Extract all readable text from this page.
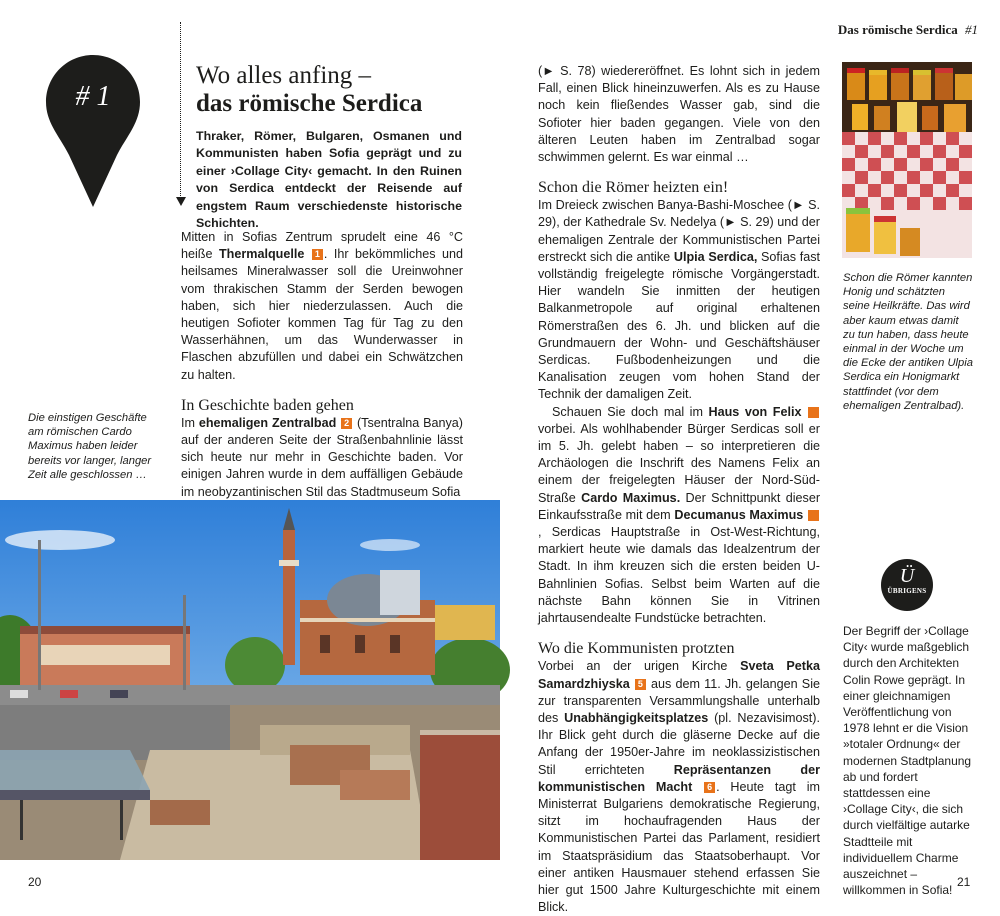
Das römische Serdica #1
# 1
Wo alles anfing –
das römische Serdica
Thraker, Römer, Bulgaren, Osmanen und Kommunisten haben Sofia geprägt und zu einer ›Collage City‹ gemacht. In den Ruinen von Serdica entdeckt der Reisende auf engstem Raum verschiedenste historische Schichten.
Mitten in Sofias Zentrum sprudelt eine 46 °C heiße Thermalquelle 1 . Ihr bekömmliches und heilsames Mineralwasser soll die Ureinwohner vom thrakischen Stamm der Serden bewogen haben, sich hier niederzulassen. Auch die heutigen Sofioter kommen Tag für Tag zu den Wasserhähnen, um das Wunderwasser in Flaschen abzufüllen und dabei ein Schwätzchen zu halten.
In Geschichte baden gehen
Im ehemaligen Zentralbad 2 (Tsentralna Banya) auf der anderen Seite der Straßenbahnlinie lässt sich heute nur mehr in Geschichte baden. Vor einigen Jahren wurde in dem auffälligen Gebäude im neobyzantinischen Stil das Stadtmuseum Sofia
Die einstigen Geschäfte am römischen Cardo Maximus haben leider bereits vor langer, langer Zeit alle geschlossen …
(► S. 78) wiedereröffnet. Es lohnt sich in jedem Fall, einen Blick hineinzuwerfen. Als es zu Hause noch kein fließendes Wasser gab, sind die Sofioter hier baden gegangen. Viele von den älteren Leuten haben im Zentralbad sogar schwimmen gelernt. Es war einmal …
Schon die Römer heizten ein!
Im Dreieck zwischen Banya-Bashi-Moschee (► S. 29), der Kathedrale Sv. Nedelya (► S. 29) und der ehemaligen Zentrale der Kommunistischen Partei erstreckt sich die antike Ulpia Serdica, Sofias fast vollständig freigelegte römische Vorgängerstadt. Hier wandeln Sie inmitten der heutigen Balkanmetropole auf original erhaltenen Römerstraßen des 6. Jh. und blicken auf die Grundmauern der Wohn- und Geschäftshäuser Serdicas. Fußbodenheizungen und die Kanalisation zeugen vom hohen Stand der Technik der damaligen Zeit.
Schauen Sie doch mal im Haus von Felix 3 vorbei. Als wohlhabender Bürger Serdicas soll er im 5. Jh. gelebt haben – so interpretieren die Archäologen die Inschrift des Namens Felix an einem der freigelegten Häuser der Nord-Süd-Straße Cardo Maximus. Der Schnittpunkt dieser Einkaufsstraße mit dem Decumanus Maximus 4, Serdicas Hauptstraße in Ost-West-Richtung, markiert heute wie damals das Idealzentrum der Stadt. In ihm kreuzen sich die ersten beiden U-Bahnlinien Sofias. Selbst beim Warten auf die nächste Bahn können Sie in Vitrinen jahrtausendealte Fundstücke betrachten.
Wo die Kommunisten protzten
Vorbei an der urigen Kirche Sveta Petka Samardzhiyska 5 aus dem 11. Jh. gelangen Sie zur transparenten Versammlungshalle unterhalb des Unabhängigkeitsplatzes (pl. Nezavisimost). Ihr Blick geht durch die gläserne Decke auf die Anfang der 1950er-Jahre im neoklassizistischen Stil errichteten Repräsentanzen der kommunistischen Macht 6 . Heute tagt im Ministerrat Bulgariens demokratische Regierung, sitzt im hochaufragenden Haus der Kommunistischen Partei das Parlament, residiert im Staatspräsidium das Staatsoberhaupt. Vor einer antiken Hausmauer stehend erfassen Sie hier gut 1500 Jahre Kulturgeschichte mit einem Blick.
Schon die Römer kannten Honig und schätzten seine Heilkräfte. Das wird aber kaum etwas damit zu tun haben, dass heute einmal in der Woche um die Ecke der antiken Ulpia Serdica ein Honigmarkt stattfindet (vor dem ehemaligen Zentralbad).
Ü
ÜBRIGENS
Der Begriff der ›Collage City‹ wurde maßgeblich durch den Architekten Colin Rowe geprägt. In einer gleichnamigen Veröffentlichung von 1978 lehnt er die Vision »totaler Ordnung« der modernen Stadtplanung ab und fordert stattdessen eine ›Collage City‹, die sich durch vielfältige autarke Stadtteile mit individuellem Charme auszeichnet – willkommen in Sofia!
20	21
